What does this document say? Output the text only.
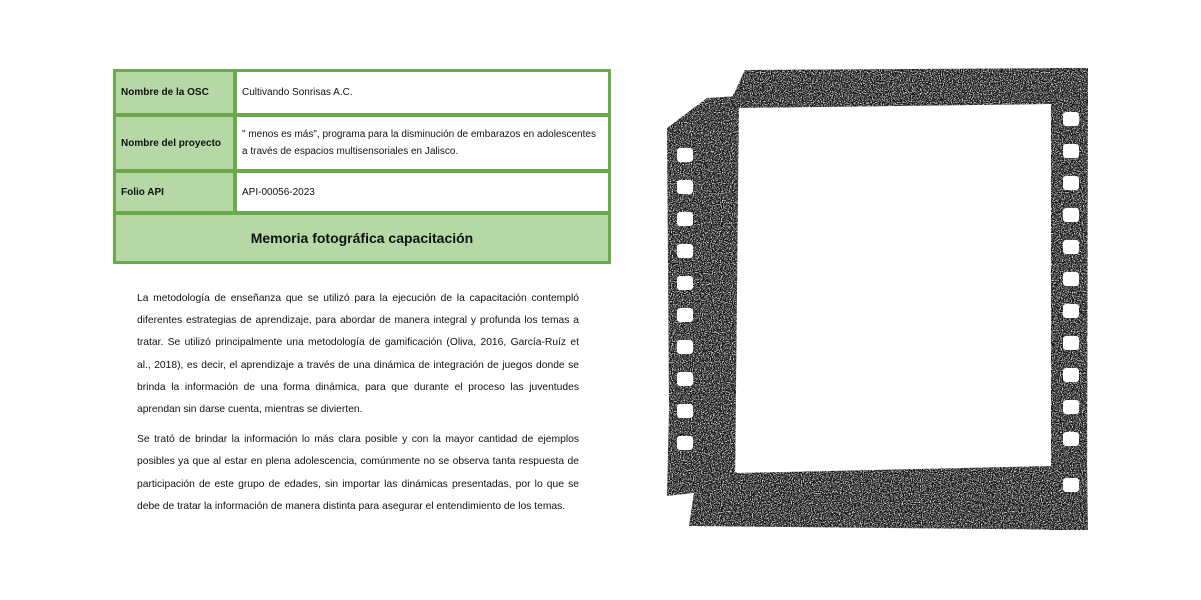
Nombre de la OSC	Cultivando Sonrisas A.C.
Nombre del proyecto
" menos es más", programa para la disminución de embarazos en adolescentes a través de espacios multisensoriales en Jalisco.
Folio API	API-00056-2023
Memoria fotográfica capacitación

La metodología de enseñanza que se utilizó para la ejecución de la capacitación contempló diferentes estrategias de aprendizaje, para abordar de manera integral y profunda los temas a tratar. Se utilizó principalmente una metodología de gamificación (Oliva, 2016, García-Ruíz et al., 2018), es decir, el aprendizaje a través de una dinámica de integración de juegos donde se brinda la información de una forma dinámica, para que durante el proceso las juventudes aprendan sin darse cuenta, mientras se divierten.

Se trató de brindar la información lo más clara posible y con la mayor cantidad de ejemplos posibles ya que al estar en plena adolescencia, comúnmente no se observa tanta respuesta de participación de este grupo de edades, sin importar las dinámicas presentadas, por lo que se debe de tratar la información de manera distinta para asegurar el entendimiento de los temas.
